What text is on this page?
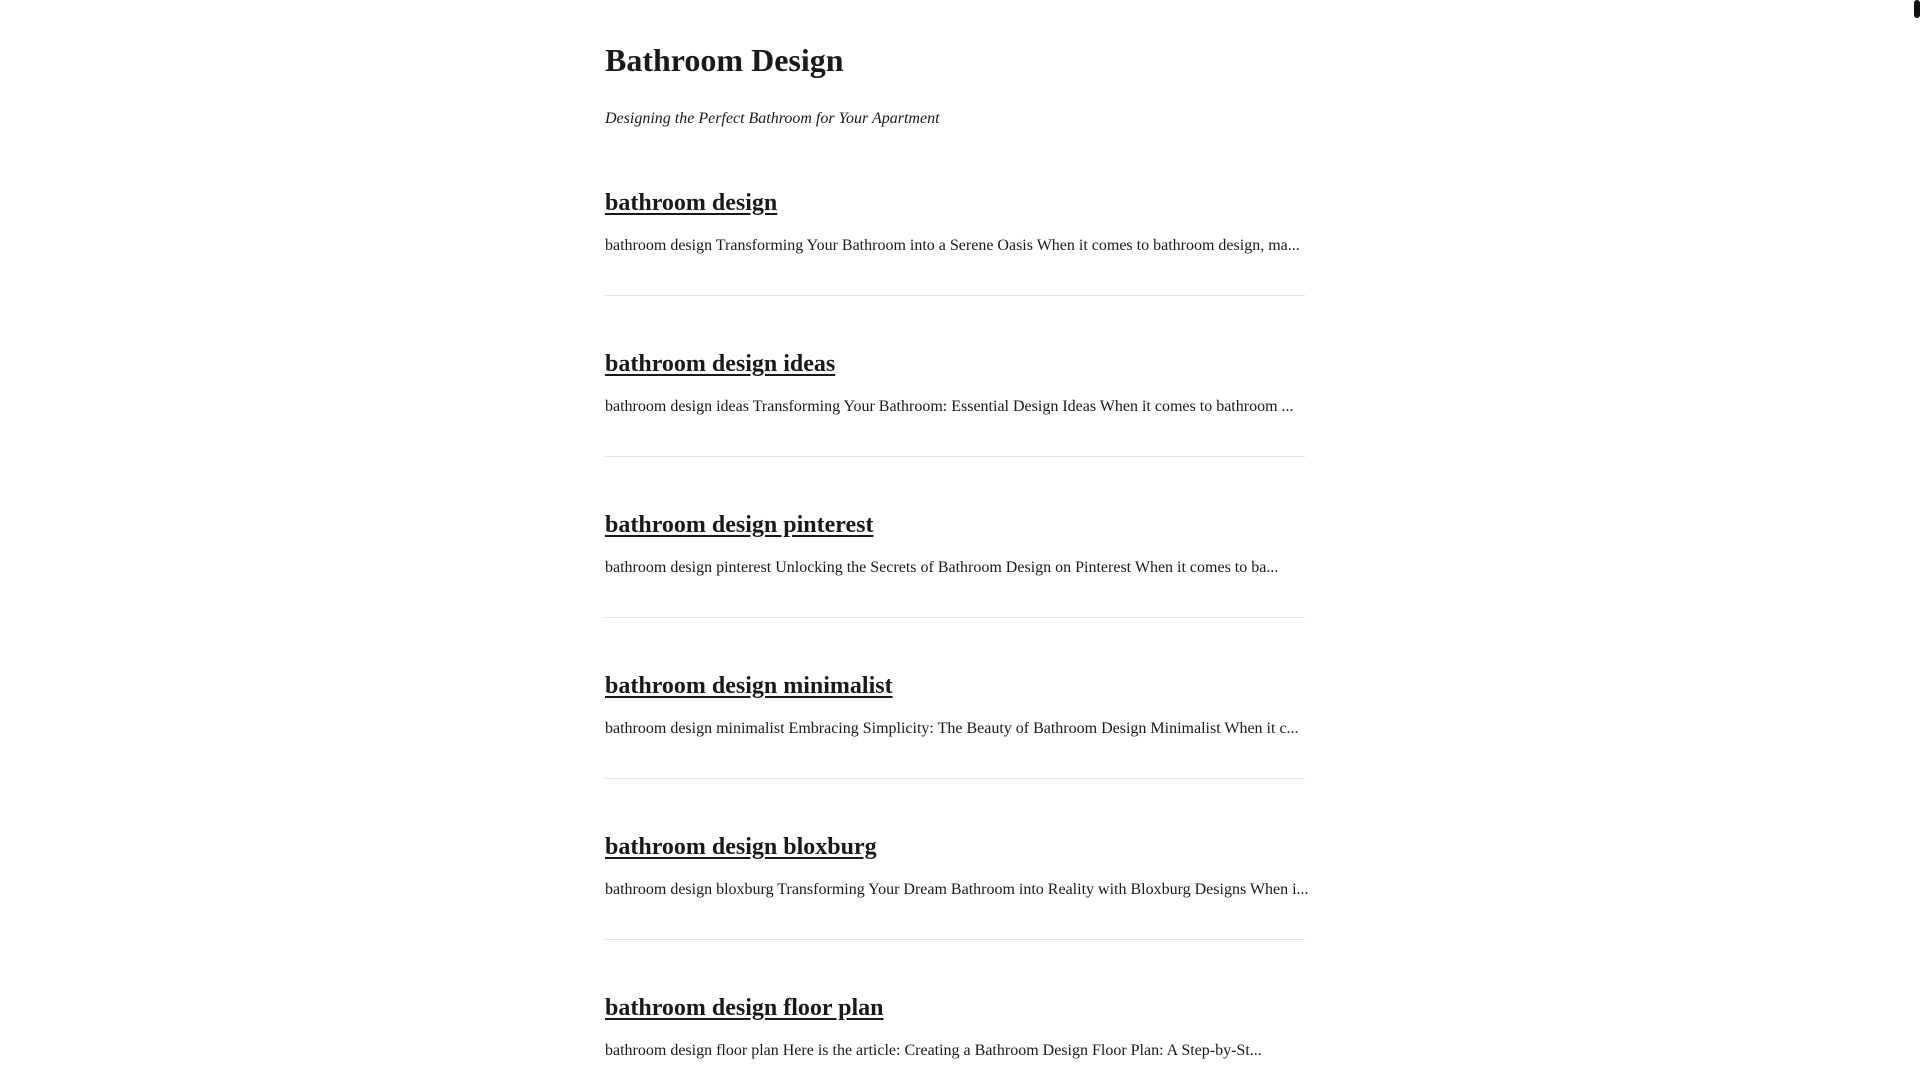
Bathroom Design

Designing the Perfect Bathroom for Your Apartment

bathroom design

bathroom design Transforming Your Bathroom into a Serene Oasis When it comes to bathroom design, ma...

bathroom design ideas

bathroom design ideas Transforming Your Bathroom: Essential Design Ideas When it comes to bathroom ...

bathroom design pinterest

bathroom design pinterest Unlocking the Secrets of Bathroom Design on Pinterest When it comes to ba...

bathroom design minimalist

bathroom design minimalist Embracing Simplicity: The Beauty of Bathroom Design Minimalist When it c...

bathroom design bloxburg

bathroom design bloxburg Transforming Your Dream Bathroom into Reality with Bloxburg Designs When i...

bathroom design floor plan

bathroom design floor plan Here is the article: Creating a Bathroom Design Floor Plan: A Step-by-St...
